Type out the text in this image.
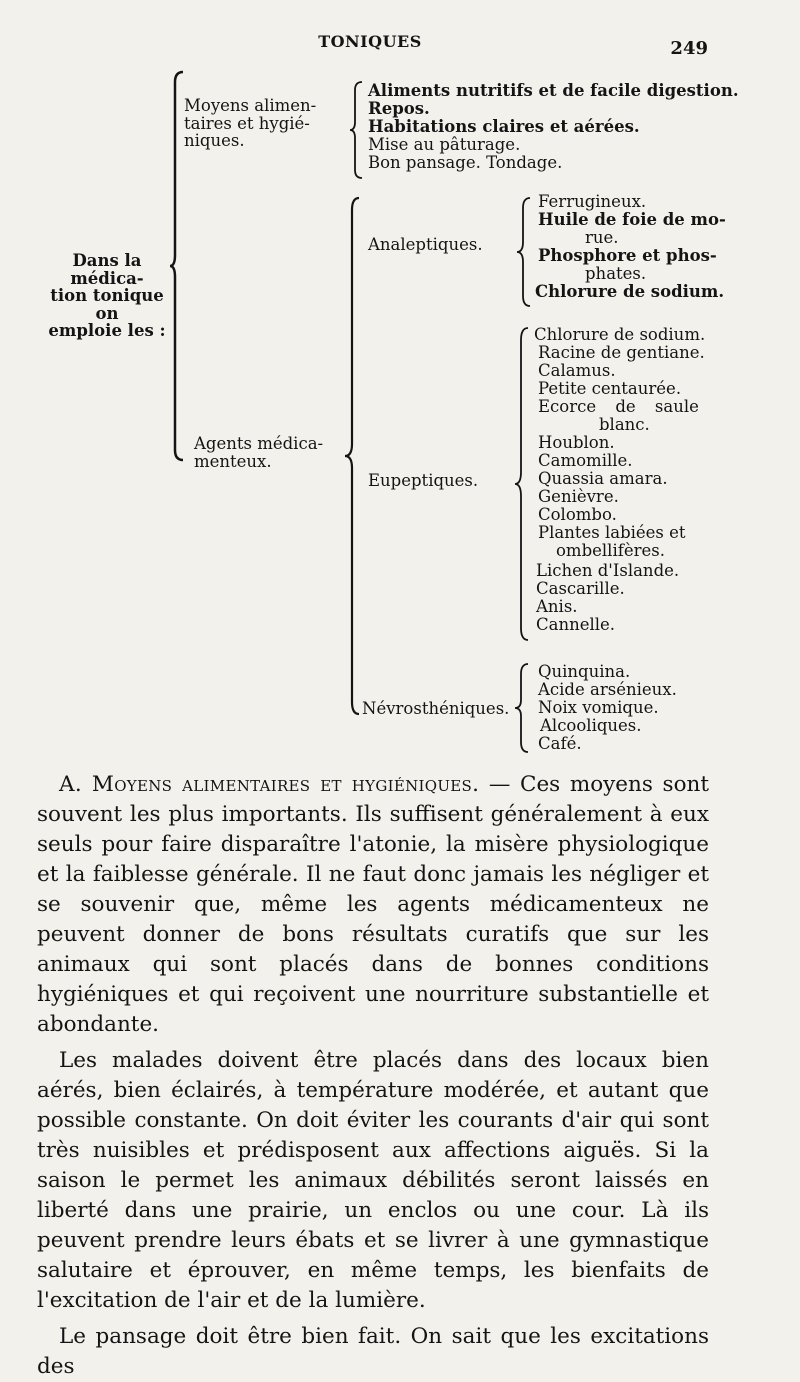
TONIQUES	249
Dans la médica-
tion tonique on
emploie les :
Moyens alimen-
taires et hygié-
niques.
Aliments nutritifs et de facile digestion.
Repos.
Habitations claires et aérées.
Mise au pâturage.
Bon pansage. Tondage.
Agents médica-
menteux.
Analeptiques.
Ferrugineux.
Huile de foie de mo-
rue.
Phosphore et phos-
phates.
Chlorure de sodium.
Eupeptiques.
Chlorure de sodium.
Racine de gentiane.
Calamus.
Petite centaurée.
Ecorce de saule
blanc.
Houblon.
Camomille.
Quassia amara.
Genièvre.
Colombo.
Plantes labiées et
ombellifères.
Lichen d'Islande.
Cascarille.
Anis.
Cannelle.
Névrosthéniques.
Quinquina.
Acide arsénieux.
Noix vomique.
Alcooliques.
Café.

A. Moyens alimentaires et hygiéniques. — Ces moyens sont souvent les plus importants. Ils suffisent généralement à eux seuls pour faire disparaître l'atonie, la misère physiologique et la faiblesse générale. Il ne faut donc jamais les négliger et se souvenir que, même les agents médicamenteux ne peuvent donner de bons résultats curatifs que sur les animaux qui sont placés dans de bonnes conditions hygiéniques et qui reçoivent une nourriture substantielle et abondante.

Les malades doivent être placés dans des locaux bien aérés, bien éclairés, à température modérée, et autant que possible constante. On doit éviter les courants d'air qui sont très nuisibles et prédisposent aux affections aiguës. Si la saison le permet les animaux débilités seront laissés en liberté dans une prairie, un enclos ou une cour. Là ils peuvent prendre leurs ébats et se livrer à une gymnastique salutaire et éprouver, en même temps, les bienfaits de l'excitation de l'air et de la lumière.

Le pansage doit être bien fait. On sait que les excitations des
